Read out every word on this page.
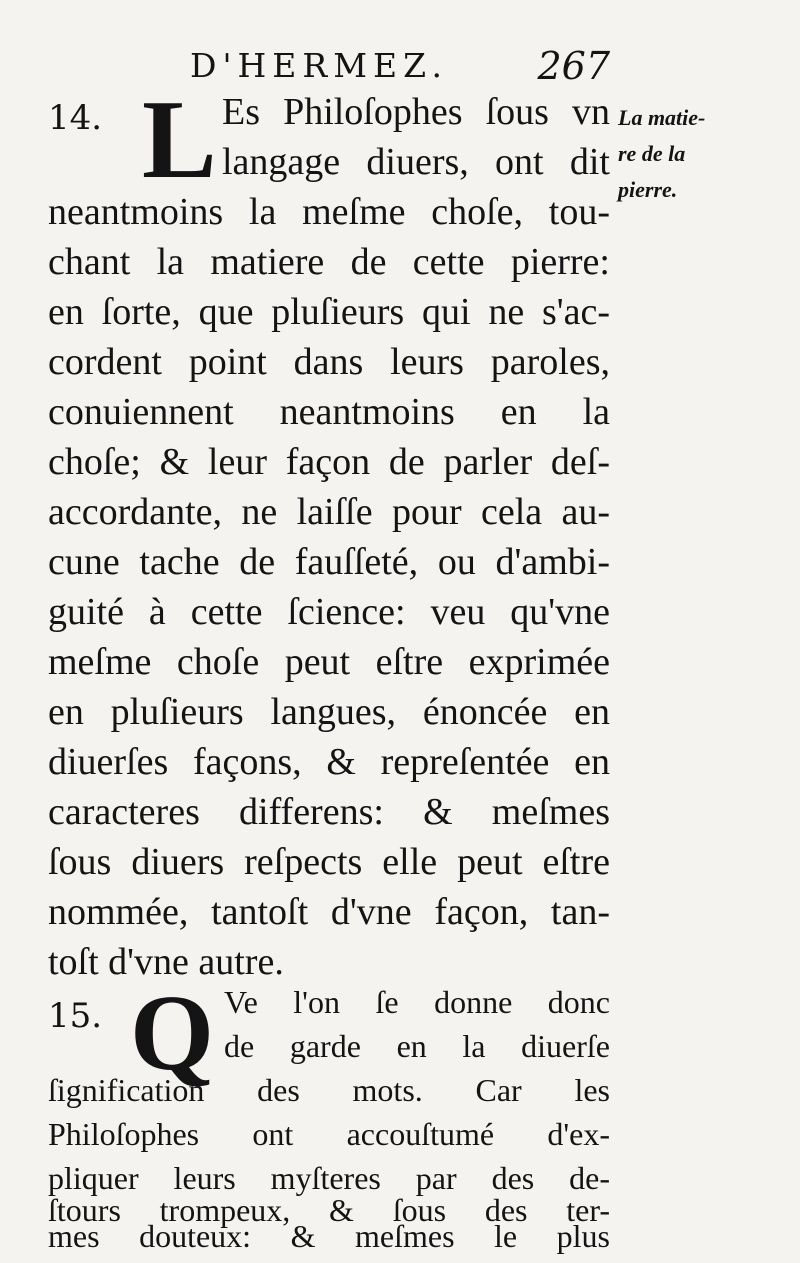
D'HERMEZ. 267
La matie-
re de la
pierre.
14. L Es Philoſophes ſous vn
langage diuers, ont dit
neantmoins la meſme choſe, tou-
chant la matiere de cette pierre:
en ſorte, que pluſieurs qui ne s'ac-
cordent point dans leurs paroles,
conuiennent neantmoins en la
choſe; & leur façon de parler deſ-
accordante, ne laiſſe pour cela au-
cune tache de fauſſeté, ou d'ambi-
guité à cette ſcience: veu qu'vne
meſme choſe peut eſtre exprimée
en pluſieurs langues, énoncée en
diuerſes façons, & repreſentée en
caracteres differens: & meſmes
ſous diuers reſpects elle peut eſtre
nommée, tantoſt d'vne façon, tan-
toſt d'vne autre.
15. Q Ve l'on ſe donne donc
de garde en la diuerſe
ſignification des mots. Car les
Philoſophes ont accouſtumé d'ex-
pliquer leurs myſteres par des de-
ſtours trompeux, & ſous des ter-
mes douteux: & meſmes le plus
